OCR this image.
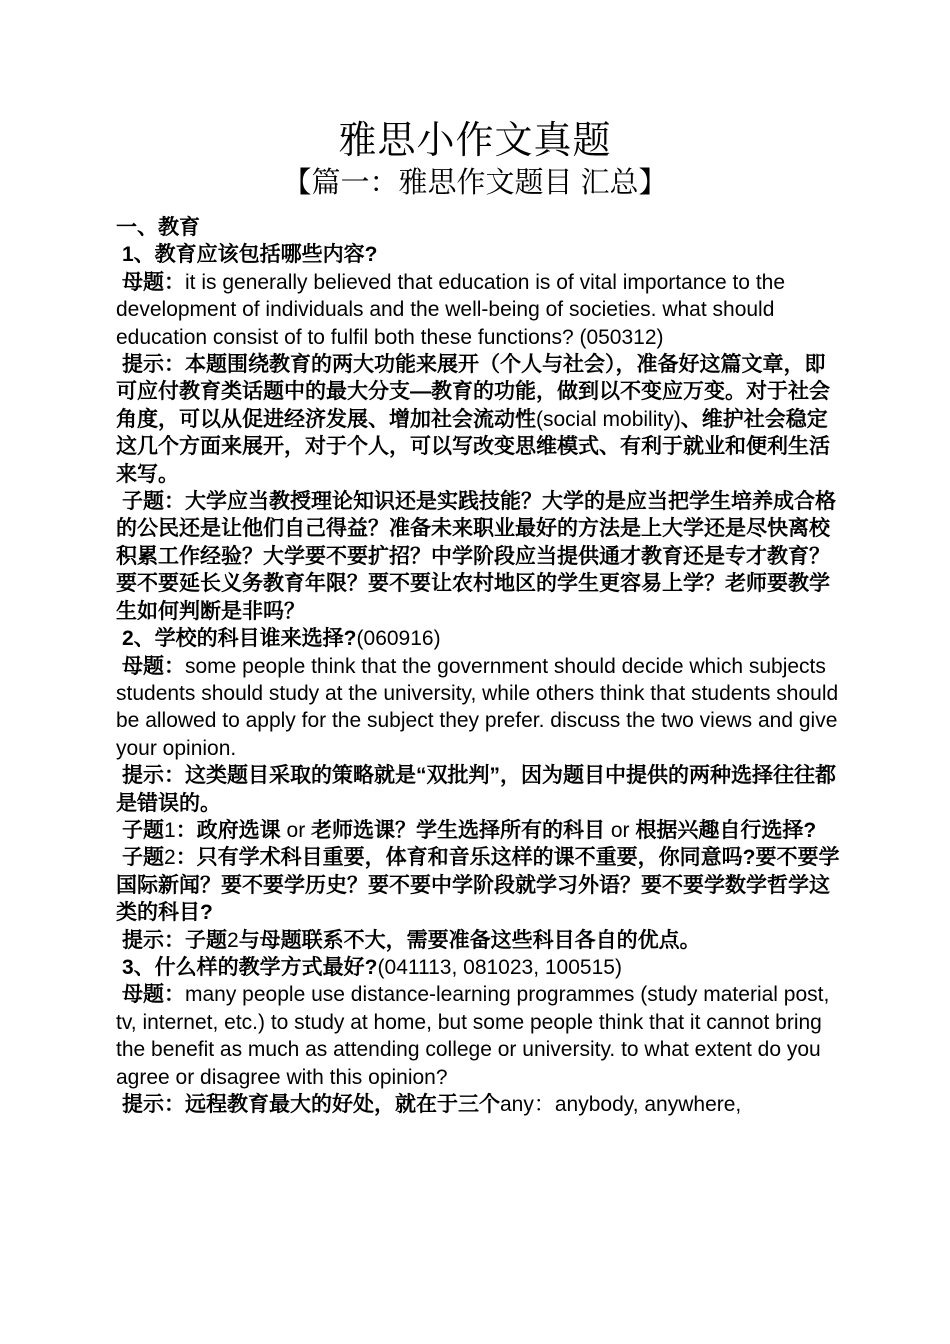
雅思小作文真题
【篇一：雅思作文题目 汇总】

一、教育

1、教育应该包括哪些内容?

母题：it is generally believed that education is of vital importance to the development of individuals and the well-being of societies. what should education consist of to fulfil both these functions? (050312)

提示：本题围绕教育的两大功能来展开（个人与社会），准备好这篇文章，即可应付教育类话题中的最大分支—教育的功能，做到以不变应万变。对于社会角度，可以从促进经济发展、增加社会流动性(social mobility)、维护社会稳定这几个方面来展开，对于个人，可以写改变思维模式、有利于就业和便利生活来写。

子题：大学应当教授理论知识还是实践技能？大学的是应当把学生培养成合格的公民还是让他们自己得益？准备未来职业最好的方法是上大学还是尽快离校积累工作经验？大学要不要扩招？中学阶段应当提供通才教育还是专才教育？要不要延长义务教育年限？要不要让农村地区的学生更容易上学？老师要教学生如何判断是非吗？

2、学校的科目谁来选择?(060916)

母题：some people think that the government should decide which subjects students should study at the university, while others think that students should be allowed to apply for the subject they prefer. discuss the two views and give your opinion.

提示：这类题目采取的策略就是“双批判”，因为题目中提供的两种选择往往都是错误的。

子题1：政府选课 or 老师选课？学生选择所有的科目 or 根据兴趣自行选择?

子题2：只有学术科目重要，体育和音乐这样的课不重要，你同意吗?要不要学国际新闻？要不要学历史？要不要中学阶段就学习外语？要不要学数学哲学这类的科目?

提示：子题2与母题联系不大，需要准备这些科目各自的优点。

3、什么样的教学方式最好?(041113, 081023, 100515)

母题：many people use distance-learning programmes (study material post, tv, internet, etc.) to study at home, but some people think that it cannot bring the benefit as much as attending college or university. to what extent do you agree or disagree with this opinion?

提示：远程教育最大的好处，就在于三个any：anybody, anywhere,
